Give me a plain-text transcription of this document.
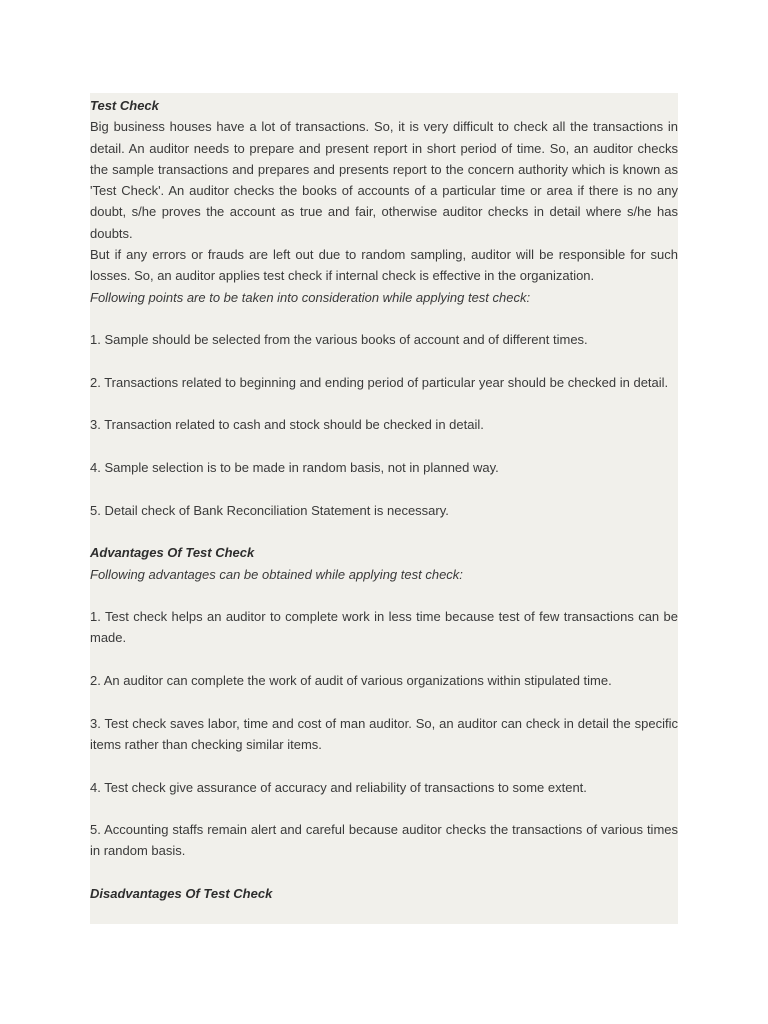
Test Check

Big business houses have a lot of transactions. So, it is very difficult to check all the transactions in detail. An auditor needs to prepare and present report in short period of time. So, an auditor checks the sample transactions and prepares and presents report to the concern authority which is known as 'Test Check'. An auditor checks the books of accounts of a particular time or area if there is no any doubt, s/he proves the account as true and fair, otherwise auditor checks in detail where s/he has doubts.

But if any errors or frauds are left out due to random sampling, auditor will be responsible for such losses. So, an auditor applies test check if internal check is effective in the organization.

Following points are to be taken into consideration while applying test check:

1. Sample should be selected from the various books of account and of different times.

2. Transactions related to beginning and ending period of particular year should be checked in detail.

3. Transaction related to cash and stock should be checked in detail.

4. Sample selection is to be made in random basis, not in planned way.

5. Detail check of Bank Reconciliation Statement is necessary.

Advantages Of Test Check

Following advantages can be obtained while applying test check:

1. Test check helps an auditor to complete work in less time because test of few transactions can be made.

2. An auditor can complete the work of audit of various organizations within stipulated time.

3. Test check saves labor, time and cost of man auditor. So, an auditor can check in detail the specific items rather than checking similar items.

4. Test check give assurance of accuracy and reliability of transactions to some extent.

5. Accounting staffs remain alert and careful because auditor checks the transactions of various times in random basis.

Disadvantages Of Test Check
